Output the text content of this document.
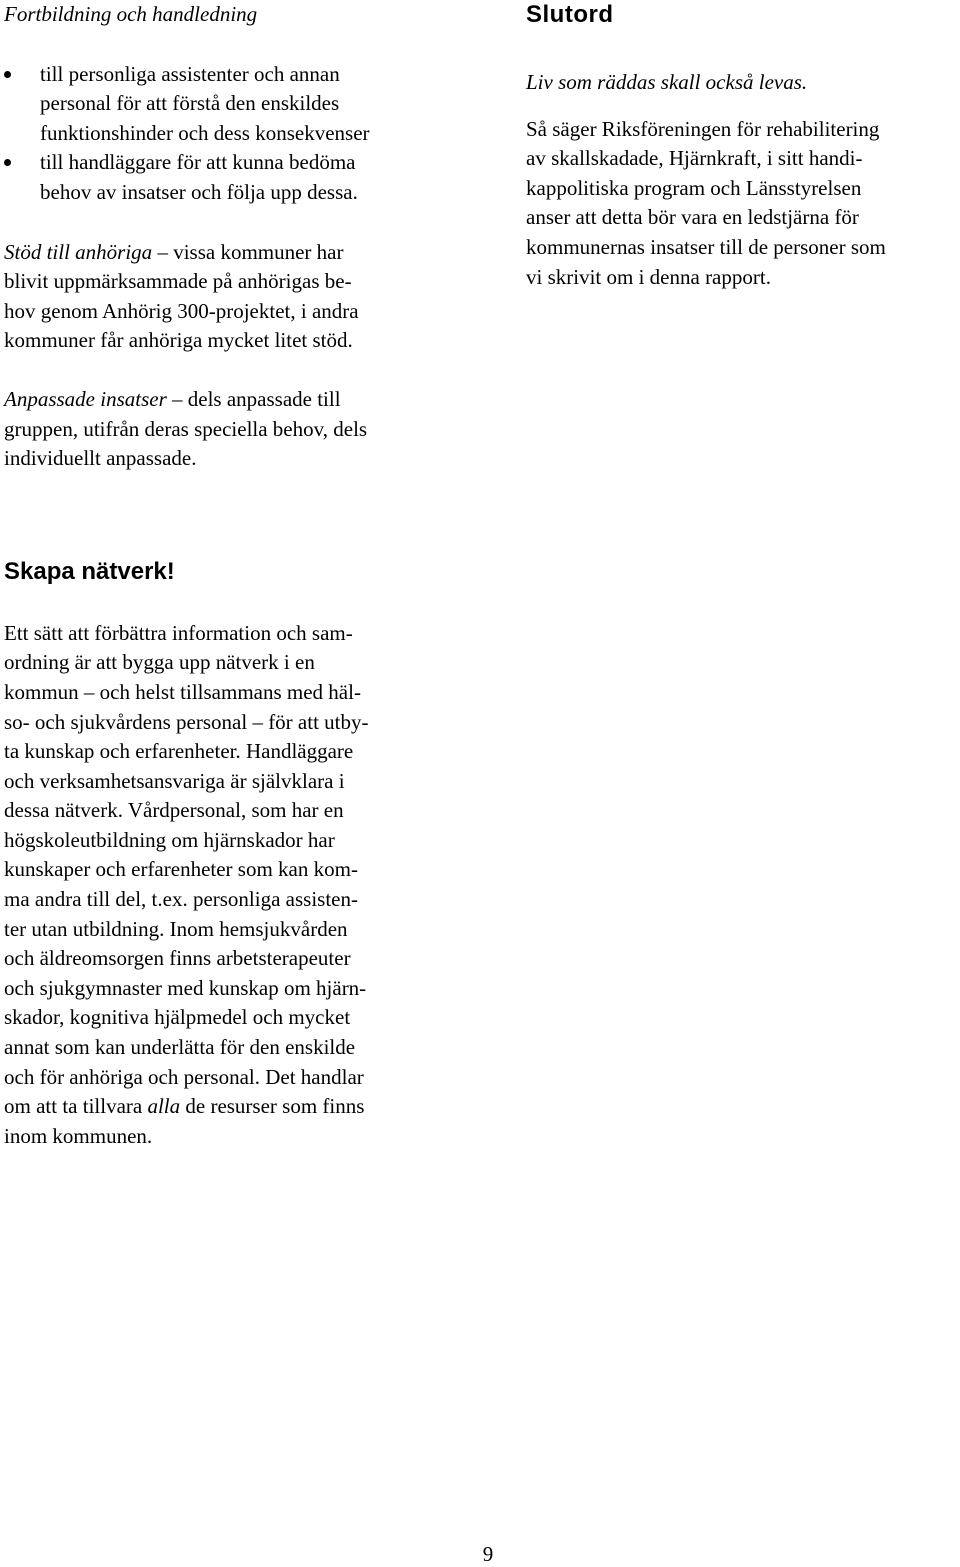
Fortbildning och handledning
till personliga assistenter och annan
personal för att förstå den enskildes
funktionshinder och dess konsekvenser
till handläggare för att kunna bedöma
behov av insatser och följa upp dessa.
Stöd till anhöriga – vissa kommuner har
blivit uppmärksammade på anhörigas be-
hov genom Anhörig 300-projektet, i andra
kommuner får anhöriga mycket litet stöd.
Anpassade insatser – dels anpassade till
gruppen, utifrån deras speciella behov, dels
individuellt anpassade.
Skapa nätverk!
Ett sätt att förbättra information och sam-
ordning är att bygga upp nätverk i en
kommun – och helst tillsammans med häl-
so- och sjukvårdens personal – för att utby-
ta kunskap och erfarenheter. Handläggare
och verksamhetsansvariga är självklara i
dessa nätverk. Vårdpersonal, som har en
högskoleutbildning om hjärnskador har
kunskaper och erfarenheter som kan kom-
ma andra till del, t.ex. personliga assisten-
ter utan utbildning. Inom hemsjukvården
och äldreomsorgen finns arbetsterapeuter
och sjukgymnaster med kunskap om hjärn-
skador, kognitiva hjälpmedel och mycket
annat som kan underlätta för den enskilde
och för anhöriga och personal. Det handlar
om att ta tillvara alla de resurser som finns
inom kommunen.
Slutord
Liv som räddas skall också levas.
Så säger Riksföreningen för rehabilitering
av skallskadade, Hjärnkraft, i sitt handi-
kappolitiska program och Länsstyrelsen
anser att detta bör vara en ledstjärna för
kommunernas insatser till de personer som
vi skrivit om i denna rapport.
9
